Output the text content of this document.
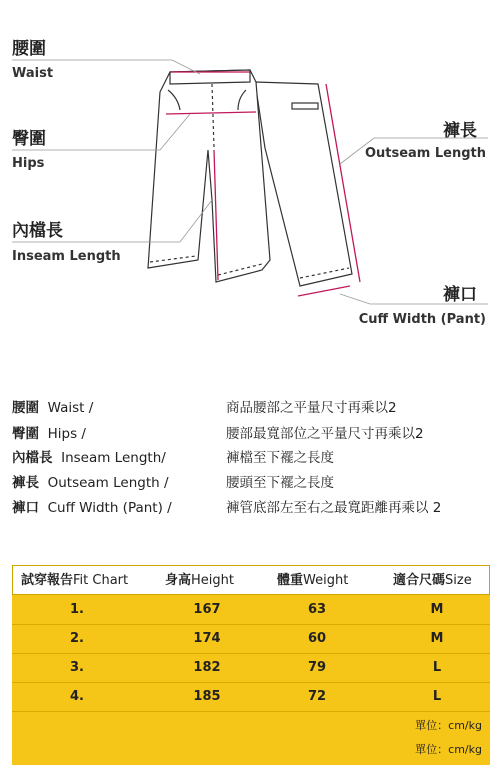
腰圍
Waist
臀圍
Hips
內檔長
Inseam Length
褲長
Outseam Length
褲口
Cuff Width (Pant)
腰圍 Waist /	商品腰部之平量尺寸再乘以2
臀圍 Hips /	腰部最寬部位之平量尺寸再乘以2
內檔長 Inseam Length/	褲檔至下襬之長度
褲長 Outseam Length /	腰頭至下襬之長度
褲口 Cuff Width (Pant) /	褲管底部左至右之最寬距離再乘以 2
試穿報告Fit Chart	身高Height	體重Weight	適合尺碼Size
1.	167	63	M
2.	174	60	M
3.	182	79	L
4.	185	72	L
單位：cm/kg
單位：cm/kg
